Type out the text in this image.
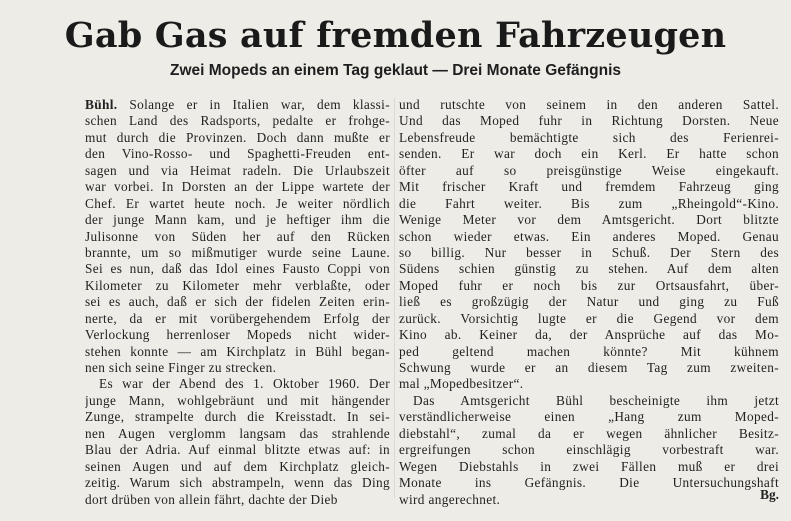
Gab Gas auf fremden Fahrzeugen
Zwei Mopeds an einem Tag geklaut — Drei Monate Gefängnis
Bühl. Solange er in Italien war, dem klassi-
schen Land des Radsports, pedalte er frohge-
mut durch die Provinzen. Doch dann mußte er
den Vino-Rosso- und Spaghetti-Freuden ent-
sagen und via Heimat radeln. Die Urlaubszeit
war vorbei. In Dorsten an der Lippe wartete der
Chef. Er wartet heute noch. Je weiter nördlich
der junge Mann kam, und je heftiger ihm die
Julisonne von Süden her auf den Rücken
brannte, um so mißmutiger wurde seine Laune.
Sei es nun, daß das Idol eines Fausto Coppi von
Kilometer zu Kilometer mehr verblaßte, oder
sei es auch, daß er sich der fidelen Zeiten erin-
nerte, da er mit vorübergehendem Erfolg der
Verlockung herrenloser Mopeds nicht wider-
stehen konnte — am Kirchplatz in Bühl began-
nen sich seine Finger zu strecken.
Es war der Abend des 1. Oktober 1960. Der
junge Mann, wohlgebräunt und mit hängender
Zunge, strampelte durch die Kreisstadt. In sei-
nen Augen verglomm langsam das strahlende
Blau der Adria. Auf einmal blitzte etwas auf: in
seinen Augen und auf dem Kirchplatz gleich-
zeitig. Warum sich abstrampeln, wenn das Ding
dort drüben von allein fährt, dachte der Dieb
und rutschte von seinem in den anderen Sattel.
Und das Moped fuhr in Richtung Dorsten. Neue
Lebensfreude bemächtigte sich des Ferienrei-
senden. Er war doch ein Kerl. Er hatte schon
öfter auf so preisgünstige Weise eingekauft.
Mit frischer Kraft und fremdem Fahrzeug ging
die Fahrt weiter. Bis zum „Rheingold“-Kino.
Wenige Meter vor dem Amtsgericht. Dort blitzte
schon wieder etwas. Ein anderes Moped. Genau
so billig. Nur besser in Schuß. Der Stern des
Südens schien günstig zu stehen. Auf dem alten
Moped fuhr er noch bis zur Ortsausfahrt, über-
ließ es großzügig der Natur und ging zu Fuß
zurück. Vorsichtig lugte er die Gegend vor dem
Kino ab. Keiner da, der Ansprüche auf das Mo-
ped geltend machen könnte? Mit kühnem
Schwung wurde er an diesem Tag zum zweiten-
mal „Mopedbesitzer“.
Das Amtsgericht Bühl bescheinigte ihm jetzt
verständlicherweise einen „Hang zum Moped-
diebstahl“, zumal da er wegen ähnlicher Besitz-
ergreifungen schon einschlägig vorbestraft war.
Wegen Diebstahls in zwei Fällen muß er drei
Monate ins Gefängnis. Die Untersuchungshaft
wird angerechnet.	Bg.
